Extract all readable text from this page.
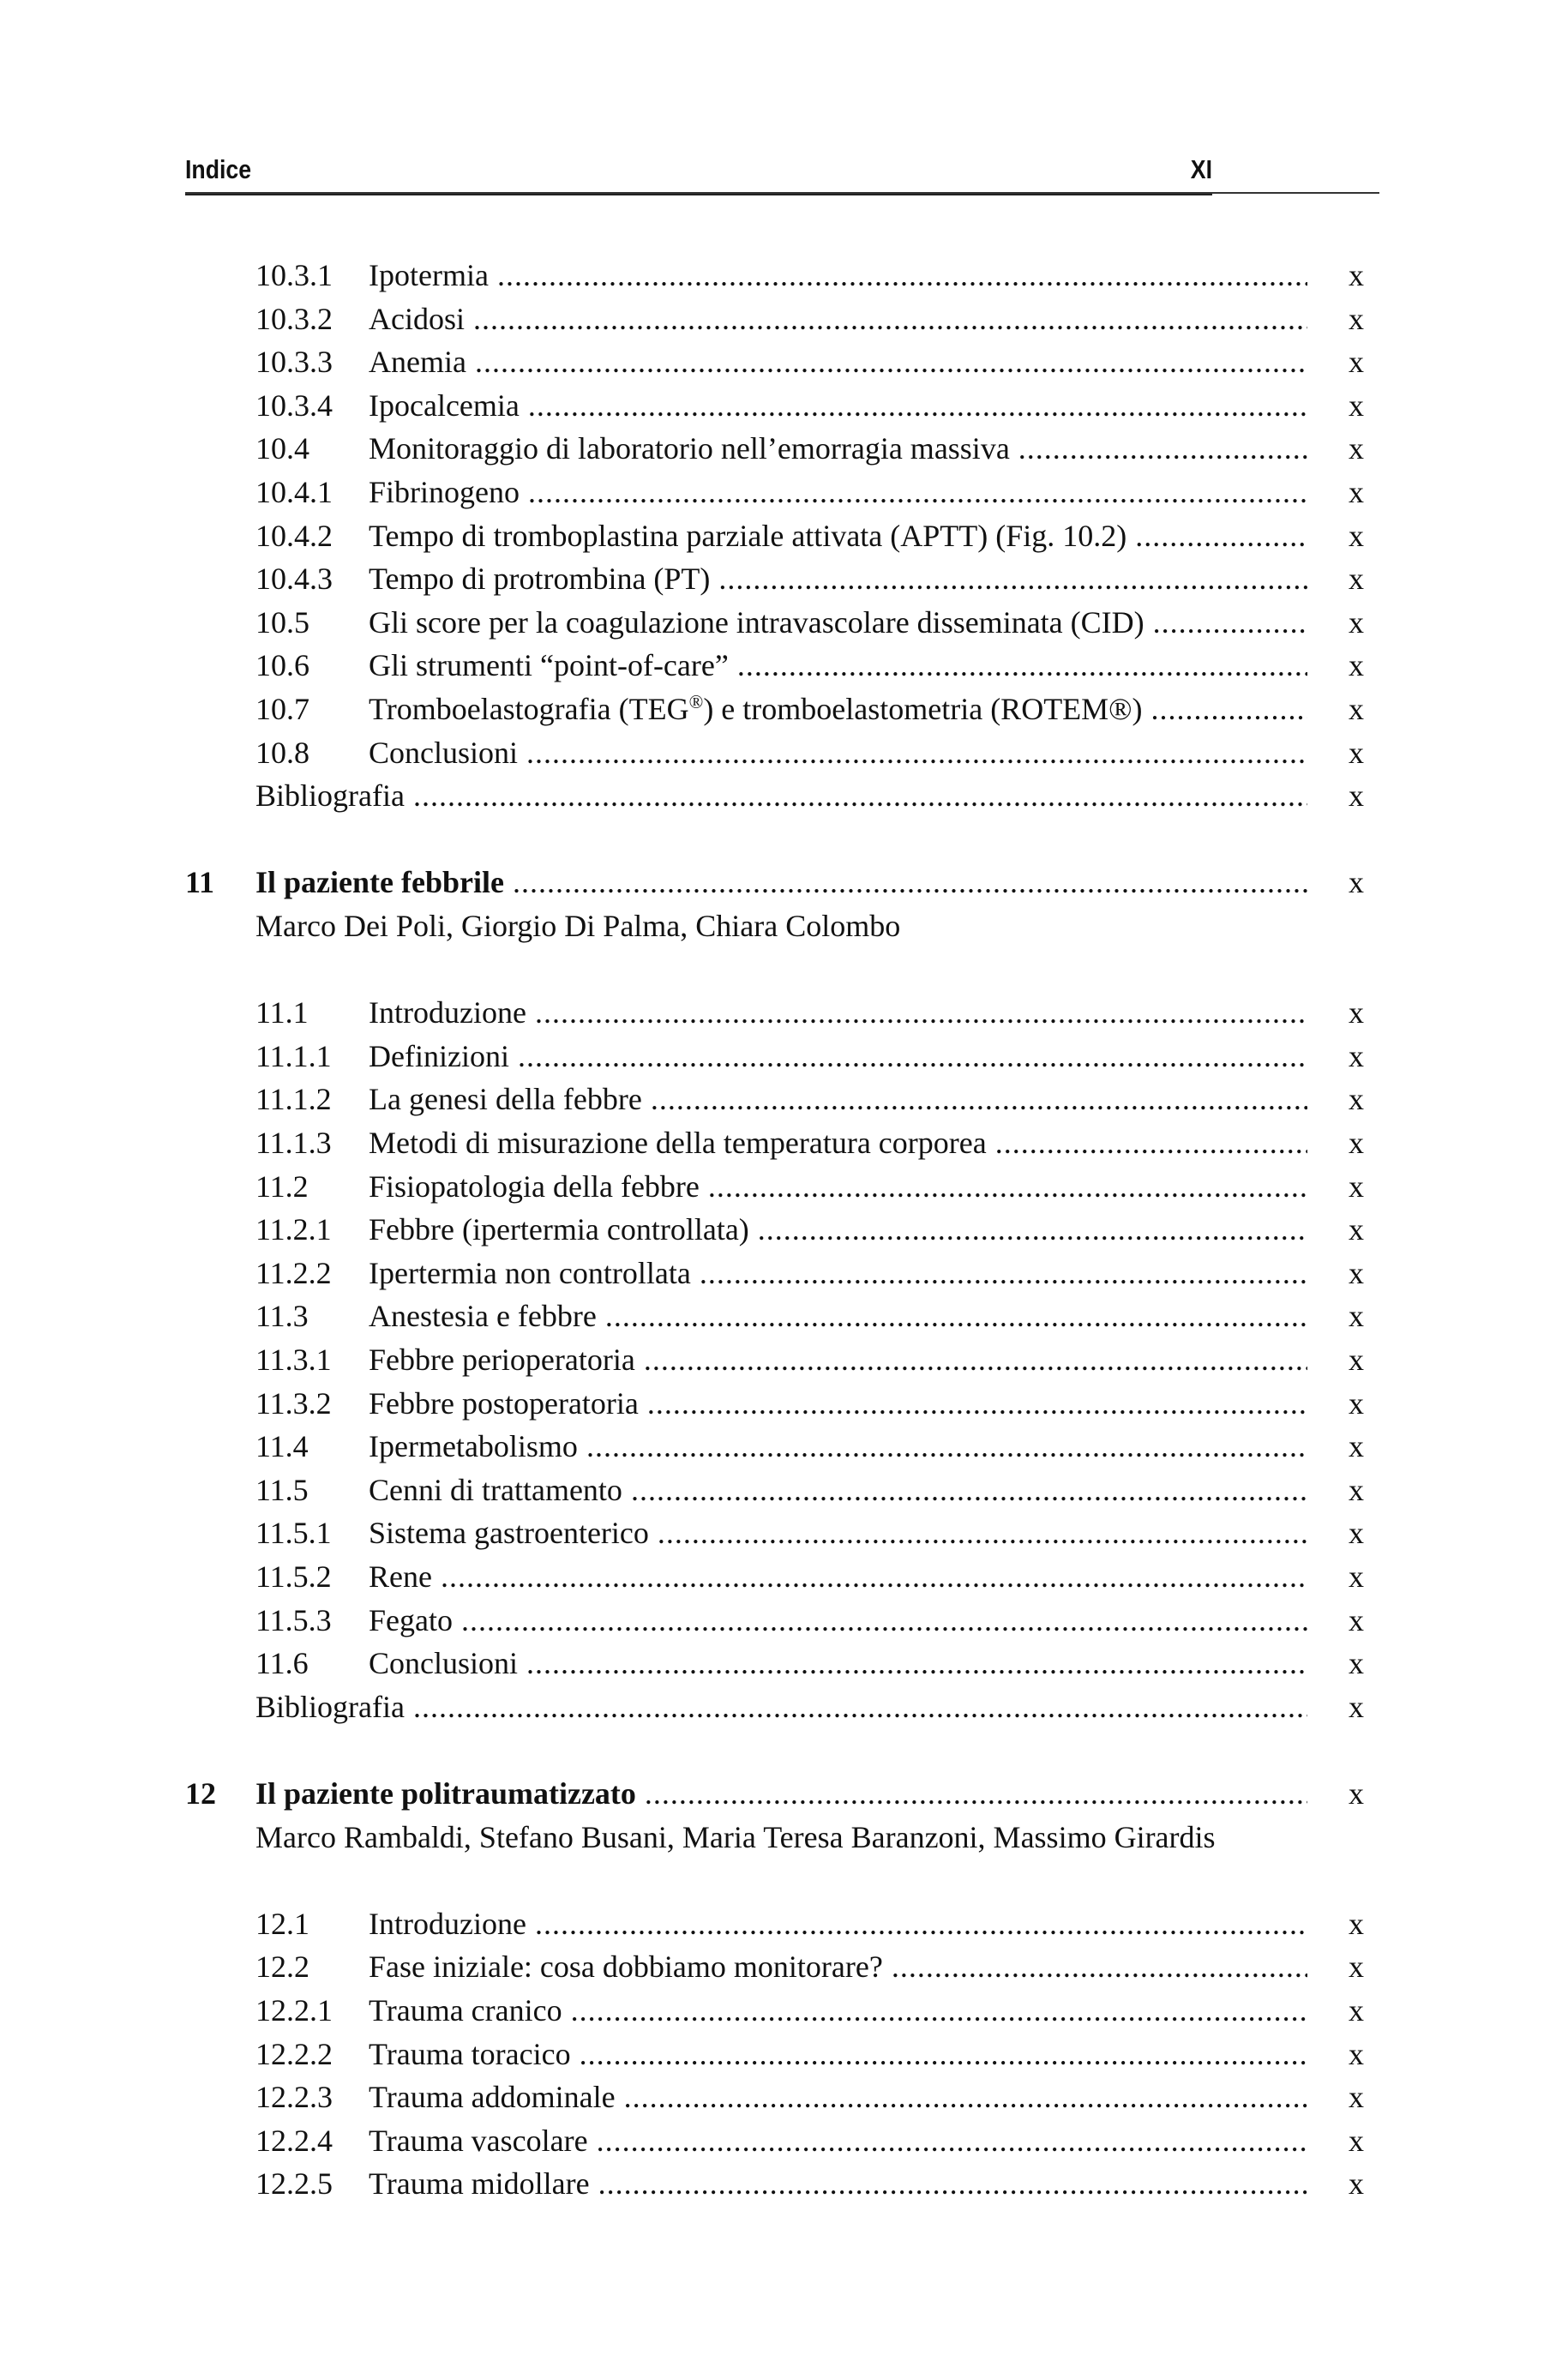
Indice	XI
10.3.1 Ipotermia .....	x
10.3.2 Acidosi .....	x
10.3.3 Anemia .....	x
10.3.4 Ipocalcemia .....	x
10.4 Monitoraggio di laboratorio nell’emorragia massiva .....	x
10.4.1 Fibrinogeno .....	x
10.4.2 Tempo di tromboplastina parziale attivata (APTT) (Fig. 10.2) .....	x
10.4.3 Tempo di protrombina (PT) .....	x
10.5 Gli score per la coagulazione intravascolare disseminata (CID) .....	x
10.6 Gli strumenti “point-of-care” .....	x
10.7 Tromboelastografia (TEG®) e tromboelastometria (ROTEM®) .....	x
10.8 Conclusioni .....	x
Bibliografia .....	x
11 Il paziente febbrile .....	x
Marco Dei Poli, Giorgio Di Palma, Chiara Colombo
11.1 Introduzione .....	x
11.1.1 Definizioni .....	x
11.1.2 La genesi della febbre .....	x
11.1.3 Metodi di misurazione della temperatura corporea .....	x
11.2 Fisiopatologia della febbre .....	x
11.2.1 Febbre (ipertermia controllata) .....	x
11.2.2 Ipertermia non controllata .....	x
11.3 Anestesia e febbre .....	x
11.3.1 Febbre perioperatoria .....	x
11.3.2 Febbre postoperatoria .....	x
11.4 Ipermetabolismo .....	x
11.5 Cenni di trattamento .....	x
11.5.1 Sistema gastroenterico .....	x
11.5.2 Rene .....	x
11.5.3 Fegato .....	x
11.6 Conclusioni .....	x
Bibliografia .....	x
12 Il paziente politraumatizzato .....	x
Marco Rambaldi, Stefano Busani, Maria Teresa Baranzoni, Massimo Girardis
12.1 Introduzione .....	x
12.2 Fase iniziale: cosa dobbiamo monitorare? .....	x
12.2.1 Trauma cranico .....	x
12.2.2 Trauma toracico .....	x
12.2.3 Trauma addominale .....	x
12.2.4 Trauma vascolare .....	x
12.2.5 Trauma midollare .....	x
